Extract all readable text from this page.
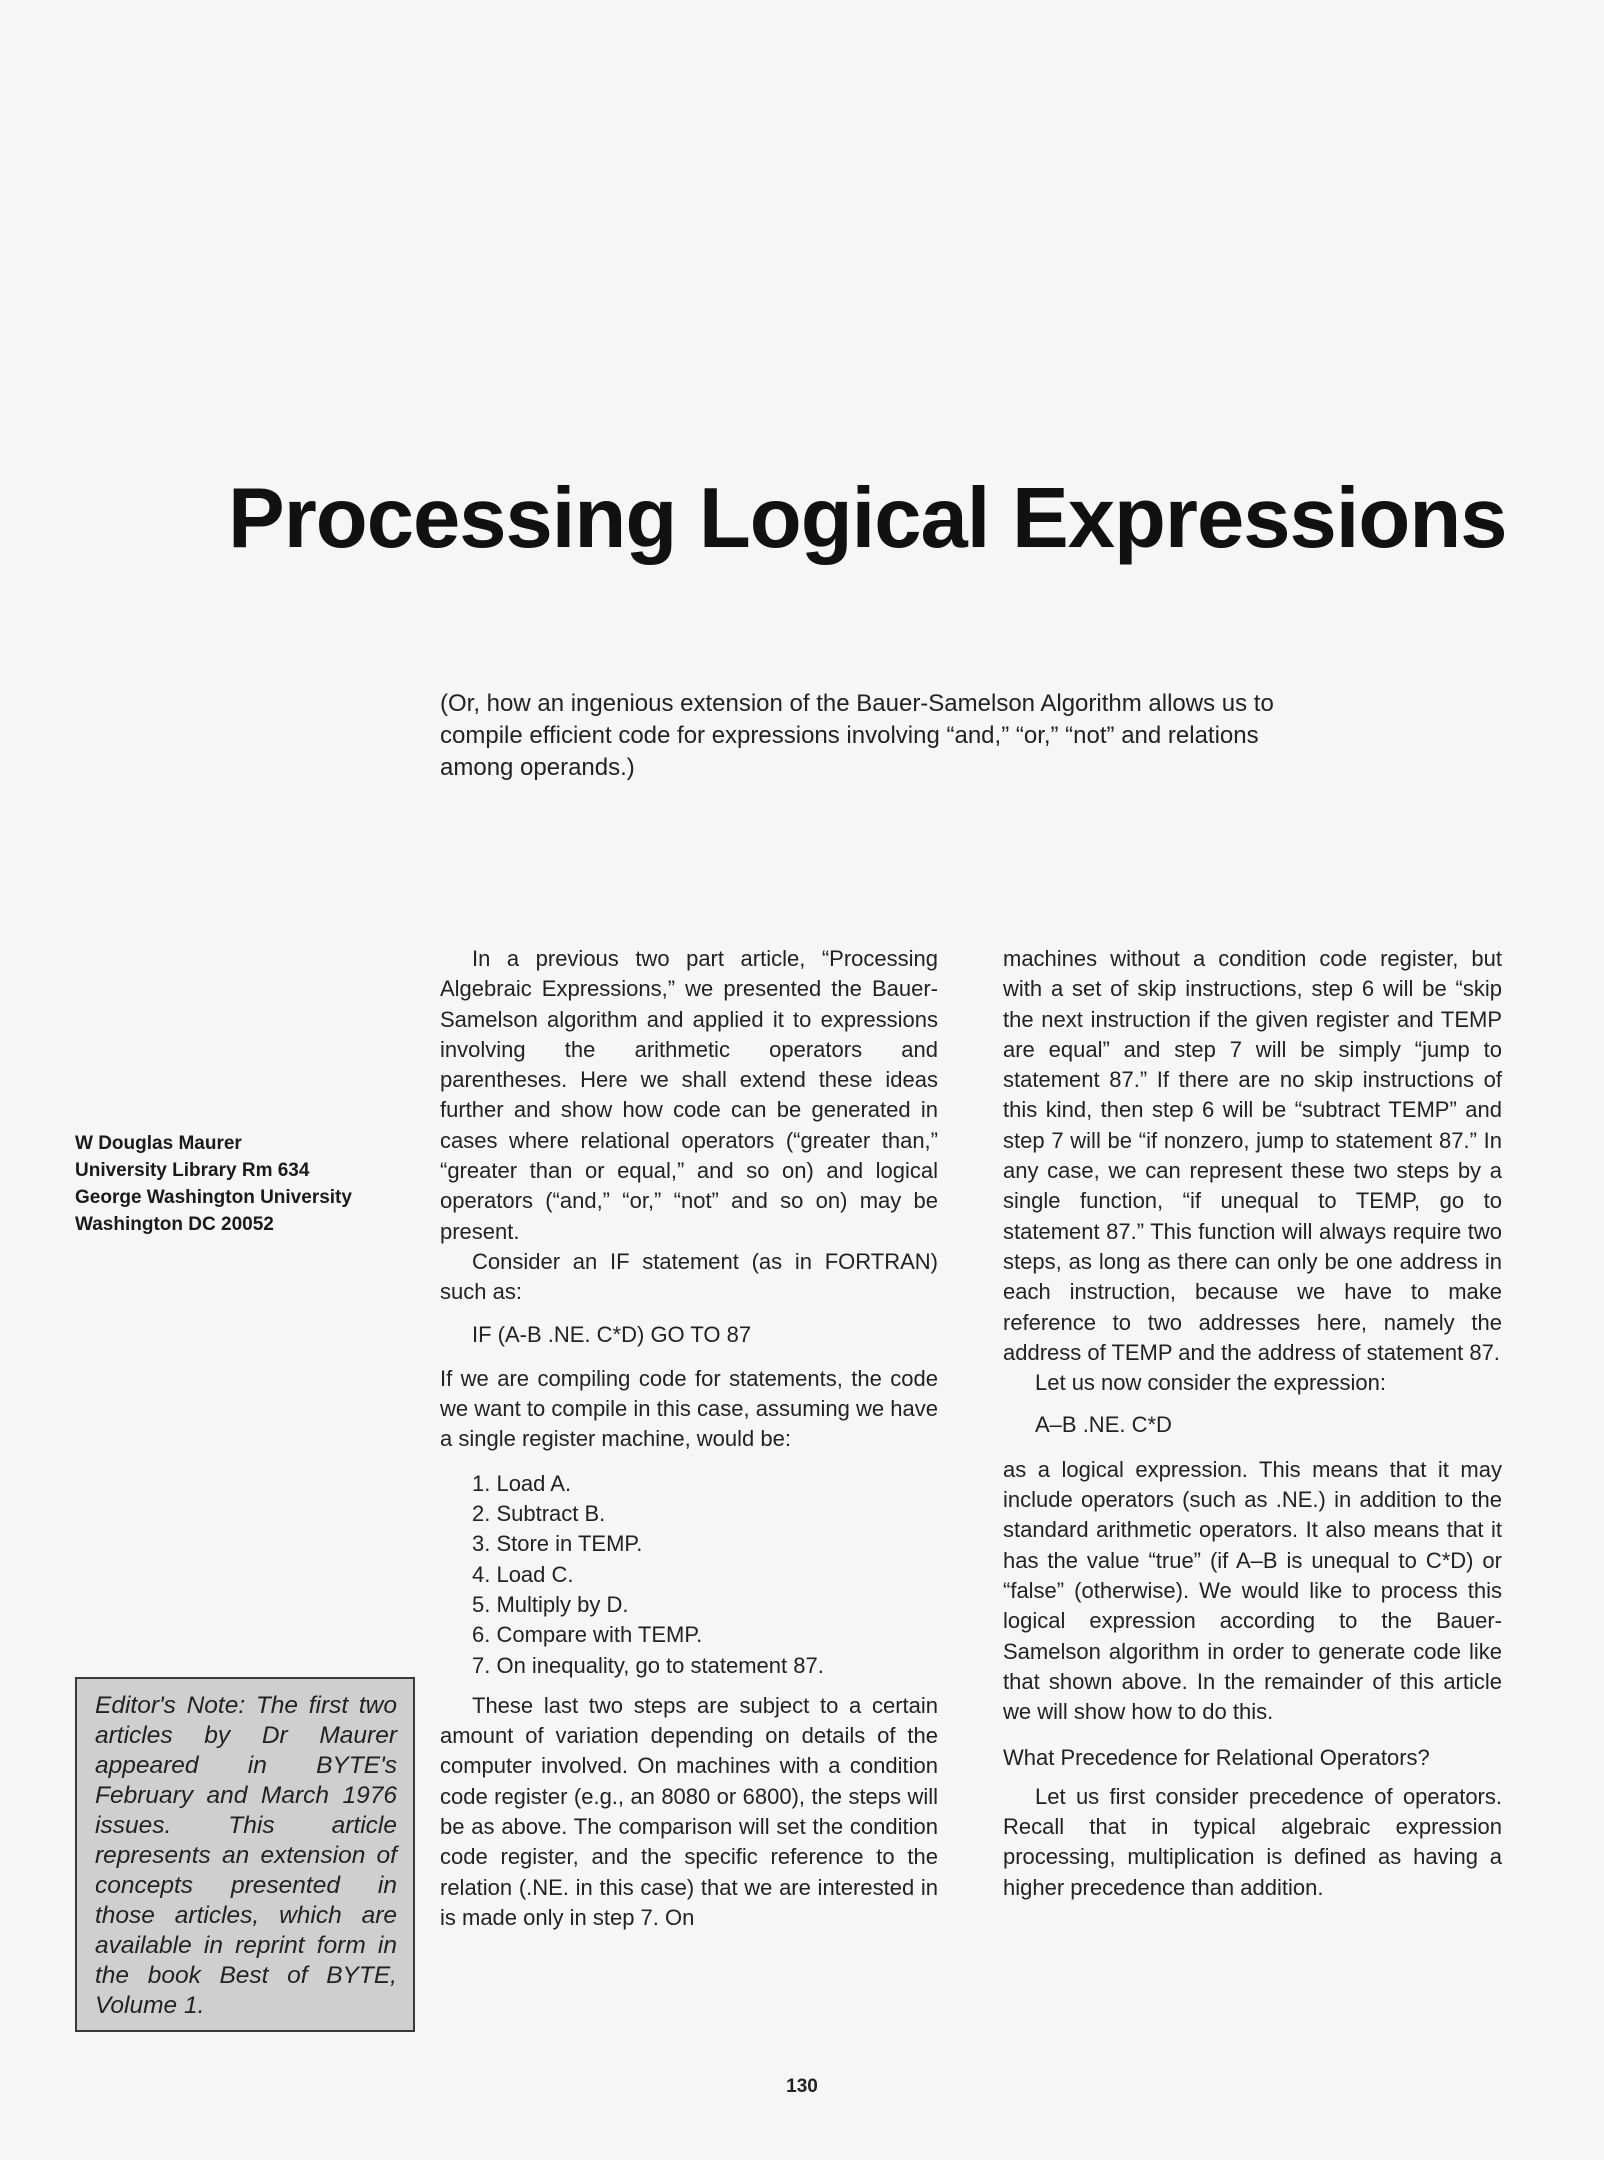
Processing Logical Expressions
(Or, how an ingenious extension of the Bauer-Samelson Algorithm allows us to compile efficient code for expressions involving “and,” “or,” “not” and relations among operands.)
W Douglas Maurer
University Library Rm 634
George Washington University
Washington DC 20052
Editor's Note: The first two articles by Dr Maurer appeared in BYTE's February and March 1976 issues. This article represents an extension of concepts presented in those articles, which are available in reprint form in the book Best of BYTE, Volume 1.

In a previous two part article, “Processing Algebraic Expressions,” we presented the Bauer-Samelson algorithm and applied it to expressions involving the arithmetic operators and parentheses. Here we shall extend these ideas further and show how code can be generated in cases where relational operators (“greater than,” “greater than or equal,” and so on) and logical operators (“and,” “or,” “not” and so on) may be present.

Consider an IF statement (as in FORTRAN) such as:

IF (A-B .NE. C*D) GO TO 87

If we are compiling code for statements, the code we want to compile in this case, assuming we have a single register machine, would be:

1. Load A.
2. Subtract B.
3. Store in TEMP.
4. Load C.
5. Multiply by D.
6. Compare with TEMP.
7. On inequality, go to statement 87.

These last two steps are subject to a certain amount of variation depending on details of the computer involved. On machines with a condition code register (e.g., an 8080 or 6800), the steps will be as above. The comparison will set the condition code register, and the specific reference to the relation (.NE. in this case) that we are interested in is made only in step 7. On

machines without a condition code register, but with a set of skip instructions, step 6 will be “skip the next instruction if the given register and TEMP are equal” and step 7 will be simply “jump to statement 87.” If there are no skip instructions of this kind, then step 6 will be “subtract TEMP” and step 7 will be “if nonzero, jump to statement 87.” In any case, we can represent these two steps by a single function, “if unequal to TEMP, go to statement 87.” This function will always require two steps, as long as there can only be one address in each instruction, because we have to make reference to two addresses here, namely the address of TEMP and the address of statement 87.

Let us now consider the expression:

A–B .NE. C*D

as a logical expression. This means that it may include operators (such as .NE.) in addition to the standard arithmetic operators. It also means that it has the value “true” (if A–B is unequal to C*D) or “false” (otherwise). We would like to process this logical expression according to the Bauer-Samelson algorithm in order to generate code like that shown above. In the remainder of this article we will show how to do this.

What Precedence for Relational Operators?

Let us first consider precedence of operators. Recall that in typical algebraic expression processing, multiplication is defined as having a higher precedence than addition.

130
